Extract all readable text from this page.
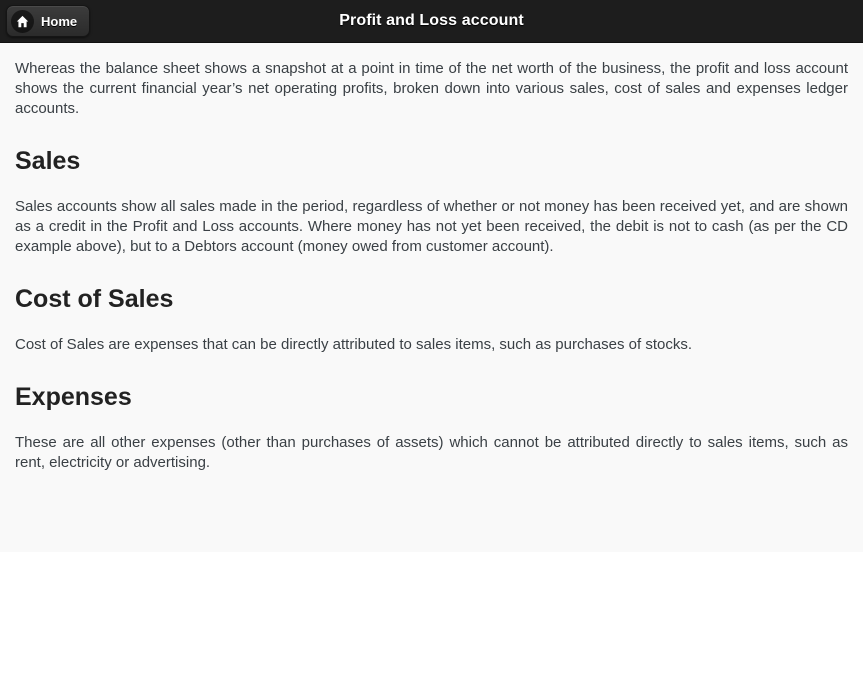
Home	Profit and Loss account

Whereas the balance sheet shows a snapshot at a point in time of the net worth of the business, the profit and loss account shows the current financial year’s net operating profits, broken down into various sales, cost of sales and expenses ledger accounts.

Sales

Sales accounts show all sales made in the period, regardless of whether or not money has been received yet, and are shown as a credit in the Profit and Loss accounts. Where money has not yet been received, the debit is not to cash (as per the CD example above), but to a Debtors account (money owed from customer account).

Cost of Sales

Cost of Sales are expenses that can be directly attributed to sales items, such as purchases of stocks.

Expenses

These are all other expenses (other than purchases of assets) which cannot be attributed directly to sales items, such as rent, electricity or advertising.
